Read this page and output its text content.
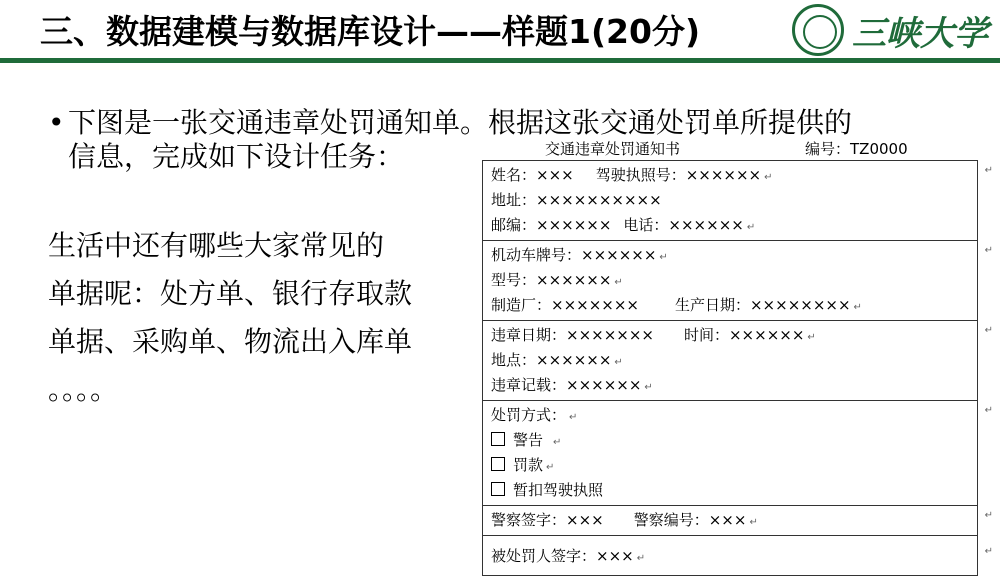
三、数据建模与数据库设计——样题1(20分)	三峡大学
• 下图是一张交通违章处罚通知单。根据这张交通处罚单所提供的
信息，完成如下设计任务：
生活中还有哪些大家常见的
单据呢：处方单、银行存取款
单据、采购单、物流出入库单
。。。。
交通违章处罚通知书	编号：TZ0000
姓名：××× 驾驶执照号：×××××× ↵
地址：××××××××××
邮编：×××××× 电话：×××××× ↵
↵
机动车牌号：×××××× ↵
型号：×××××× ↵
制造厂：××××××× 生产日期：×××××××× ↵
↵
违章日期：××××××× 时间：×××××× ↵
地点：×××××× ↵
违章记载：×××××× ↵
↵
处罚方式： ↵
警告 ↵
罚款 ↵
暂扣驾驶执照
↵
警察签字：××× 警察编号：××× ↵
↵
被处罚人签字：××× ↵
↵
